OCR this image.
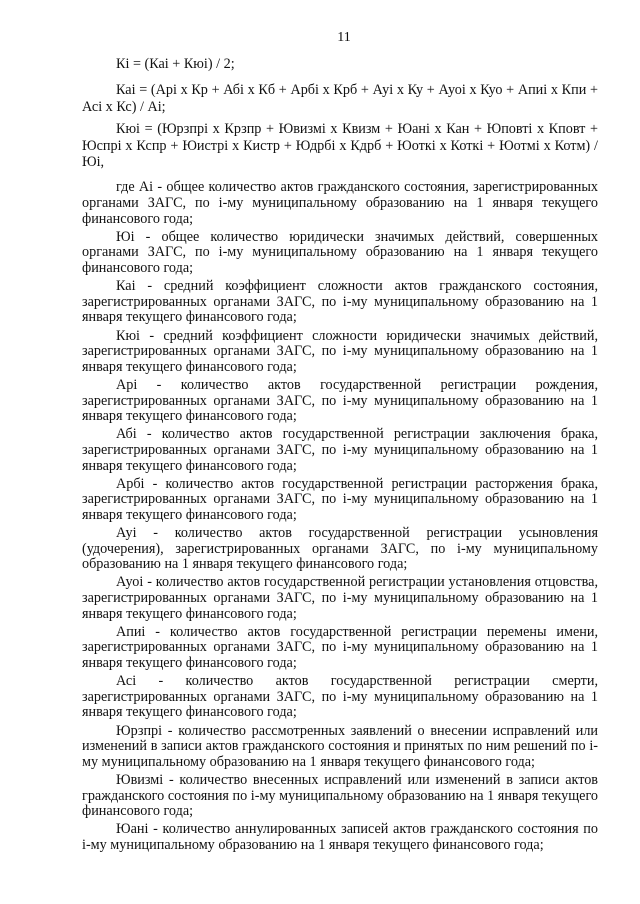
11

Кi = (Каi + Кюi) / 2;

Каi = (Арi x Кр + Абi x Кб + Арбi x Крб + Ауi x Ку + Ауоi x Куо + Апиi x Кпи + Асi x Кс) / Аi;

Кюi = (Юрзпрi x Крзпр + Ювизмi x Квизм + Юанi x Кан + Юповтi x Кповт + Юспрi x Кспр + Юистрi x Кистр + Юдрбi x Кдрб + Юоткi x Коткi + Юотмi x Котм) / Юi,

где Аi - общее количество актов гражданского состояния, зарегистрированных органами ЗАГС, по i-му муниципальному образованию на 1 января текущего финансового года;

Юi - общее количество юридически значимых действий, совершенных органами ЗАГС, по i-му муниципальному образованию на 1 января текущего финансового года;

Каi - средний коэффициент сложности актов гражданского состояния, зарегистрированных органами ЗАГС, по i-му муниципальному образованию на 1 января текущего финансового года;

Кюi - средний коэффициент сложности юридически значимых действий, зарегистрированных органами ЗАГС, по i-му муниципальному образованию на 1 января текущего финансового года;

Арi - количество актов государственной регистрации рождения, зарегистрированных органами ЗАГС, по i-му муниципальному образованию на 1 января текущего финансового года;

Абi - количество актов государственной регистрации заключения брака, зарегистрированных органами ЗАГС, по i-му муниципальному образованию на 1 января текущего финансового года;

Арбi - количество актов государственной регистрации расторжения брака, зарегистрированных органами ЗАГС, по i-му муниципальному образованию на 1 января текущего финансового года;

Ауi - количество актов государственной регистрации усыновления (удочерения), зарегистрированных органами ЗАГС, по i-му муниципальному образованию на 1 января текущего финансового года;

Ауоi - количество актов государственной регистрации установления отцовства, зарегистрированных органами ЗАГС, по i-му муниципальному образованию на 1 января текущего финансового года;

Апиi - количество актов государственной регистрации перемены имени, зарегистрированных органами ЗАГС, по i-му муниципальному образованию на 1 января текущего финансового года;

Асi - количество актов государственной регистрации смерти, зарегистрированных органами ЗАГС, по i-му муниципальному образованию на 1 января текущего финансового года;

Юрзпрi - количество рассмотренных заявлений о внесении исправлений или изменений в записи актов гражданского состояния и принятых по ним решений по i-му муниципальному образованию на 1 января текущего финансового года;

Ювизмi - количество внесенных исправлений или изменений в записи актов гражданского состояния по i-му муниципальному образованию на 1 января текущего финансового года;

Юанi - количество аннулированных записей актов гражданского состояния по i-му муниципальному образованию на 1 января текущего финансового года;
